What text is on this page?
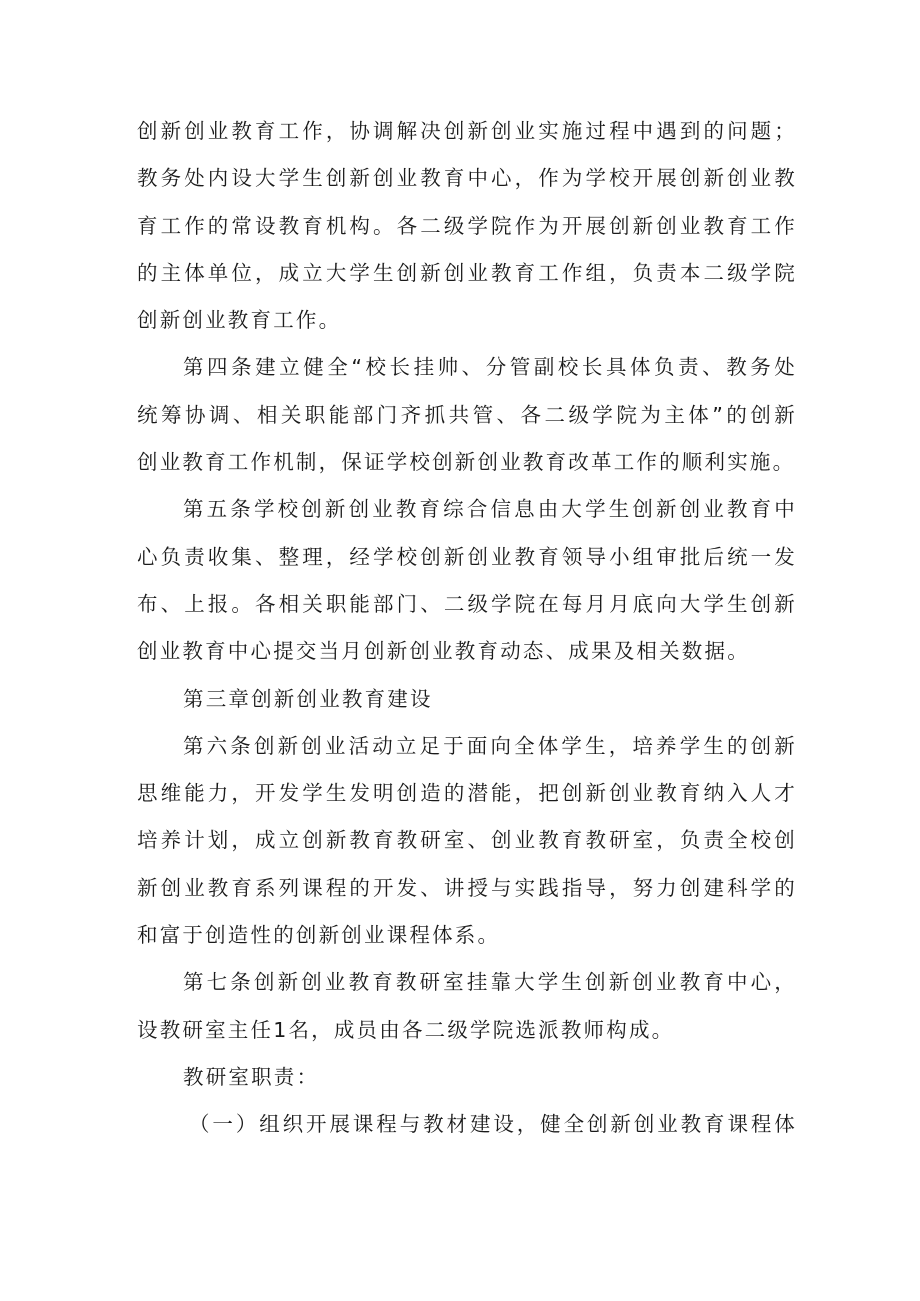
创新创业教育工作，协调解决创新创业实施过程中遇到的问题；
教务处内设大学生创新创业教育中心，作为学校开展创新创业教
育工作的常设教育机构。各二级学院作为开展创新创业教育工作
的主体单位，成立大学生创新创业教育工作组，负责本二级学院
创新创业教育工作。
第四条建立健全“校长挂帅、分管副校长具体负责、教务处
统筹协调、相关职能部门齐抓共管、各二级学院为主体”的创新
创业教育工作机制，保证学校创新创业教育改革工作的顺利实施。
第五条学校创新创业教育综合信息由大学生创新创业教育中
心负责收集、整理，经学校创新创业教育领导小组审批后统一发
布、上报。各相关职能部门、二级学院在每月月底向大学生创新
创业教育中心提交当月创新创业教育动态、成果及相关数据。
第三章创新创业教育建设
第六条创新创业活动立足于面向全体学生，培养学生的创新
思维能力，开发学生发明创造的潜能，把创新创业教育纳入人才
培养计划，成立创新教育教研室、创业教育教研室，负责全校创
新创业教育系列课程的开发、讲授与实践指导，努力创建科学的
和富于创造性的创新创业课程体系。
第七条创新创业教育教研室挂靠大学生创新创业教育中心，
设教研室主任1名，成员由各二级学院选派教师构成。
教研室职责：
（一）组织开展课程与教材建设，健全创新创业教育课程体
